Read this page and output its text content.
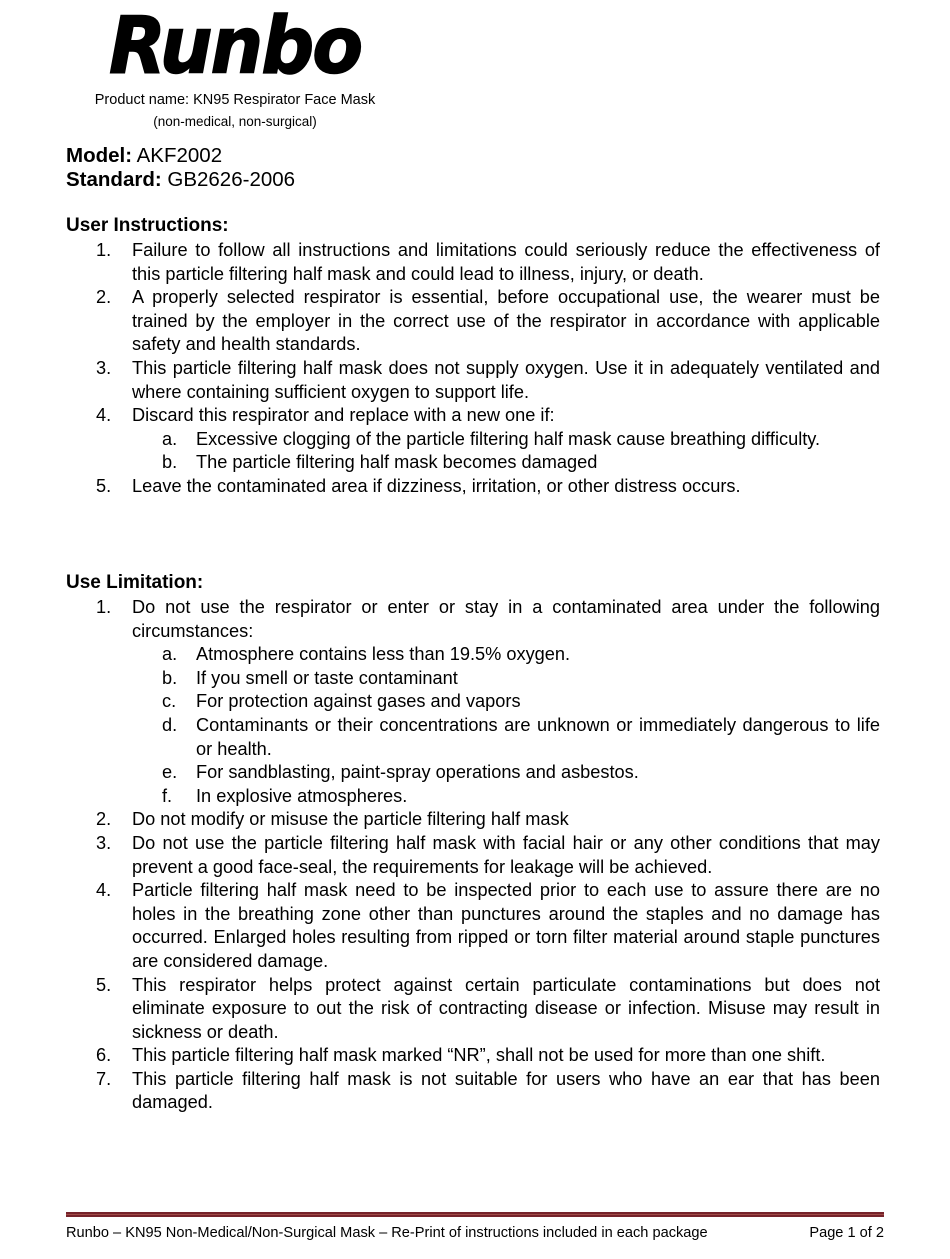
Runbo
Product name: KN95 Respirator Face Mask
(non-medical, non-surgical)
Model: AKF2002
Standard: GB2626-2006
User Instructions:
1.	Failure to follow all instructions and limitations could seriously reduce the effectiveness of this particle filtering half mask and could lead to illness, injury, or death.
2.	A properly selected respirator is essential, before occupational use, the wearer must be trained by the employer in the correct use of the respirator in accordance with applicable safety and health standards.
3.	This particle filtering half mask does not supply oxygen. Use it in adequately ventilated and where containing sufficient oxygen to support life.
4.	Discard this respirator and replace with a new one if:
a.	Excessive clogging of the particle filtering half mask cause breathing difficulty.
b.	The particle filtering half mask becomes damaged
5.	Leave the contaminated area if dizziness, irritation, or other distress occurs.
Use Limitation:
1.	Do not use the respirator or enter or stay in a contaminated area under the following circumstances:
a.	Atmosphere contains less than 19.5% oxygen.
b.	If you smell or taste contaminant
c.	For protection against gases and vapors
d.	Contaminants or their concentrations are unknown or immediately dangerous to life or health.
e.	For sandblasting, paint-spray operations and asbestos.
f.	In explosive atmospheres.
2.	Do not modify or misuse the particle filtering half mask
3.	Do not use the particle filtering half mask with facial hair or any other conditions that may prevent a good face-seal, the requirements for leakage will be achieved.
4.	Particle filtering half mask need to be inspected prior to each use to assure there are no holes in the breathing zone other than punctures around the staples and no damage has occurred. Enlarged holes resulting from ripped or torn filter material around staple punctures are considered damage.
5.	This respirator helps protect against certain particulate contaminations but does not eliminate exposure to out the risk of contracting disease or infection. Misuse may result in sickness or death.
6.	This particle filtering half mask marked “NR”, shall not be used for more than one shift.
7.	This particle filtering half mask is not suitable for users who have an ear that has been damaged.
Runbo – KN95 Non-Medical/Non-Surgical Mask – Re-Print of instructions included in each package	Page 1 of 2
